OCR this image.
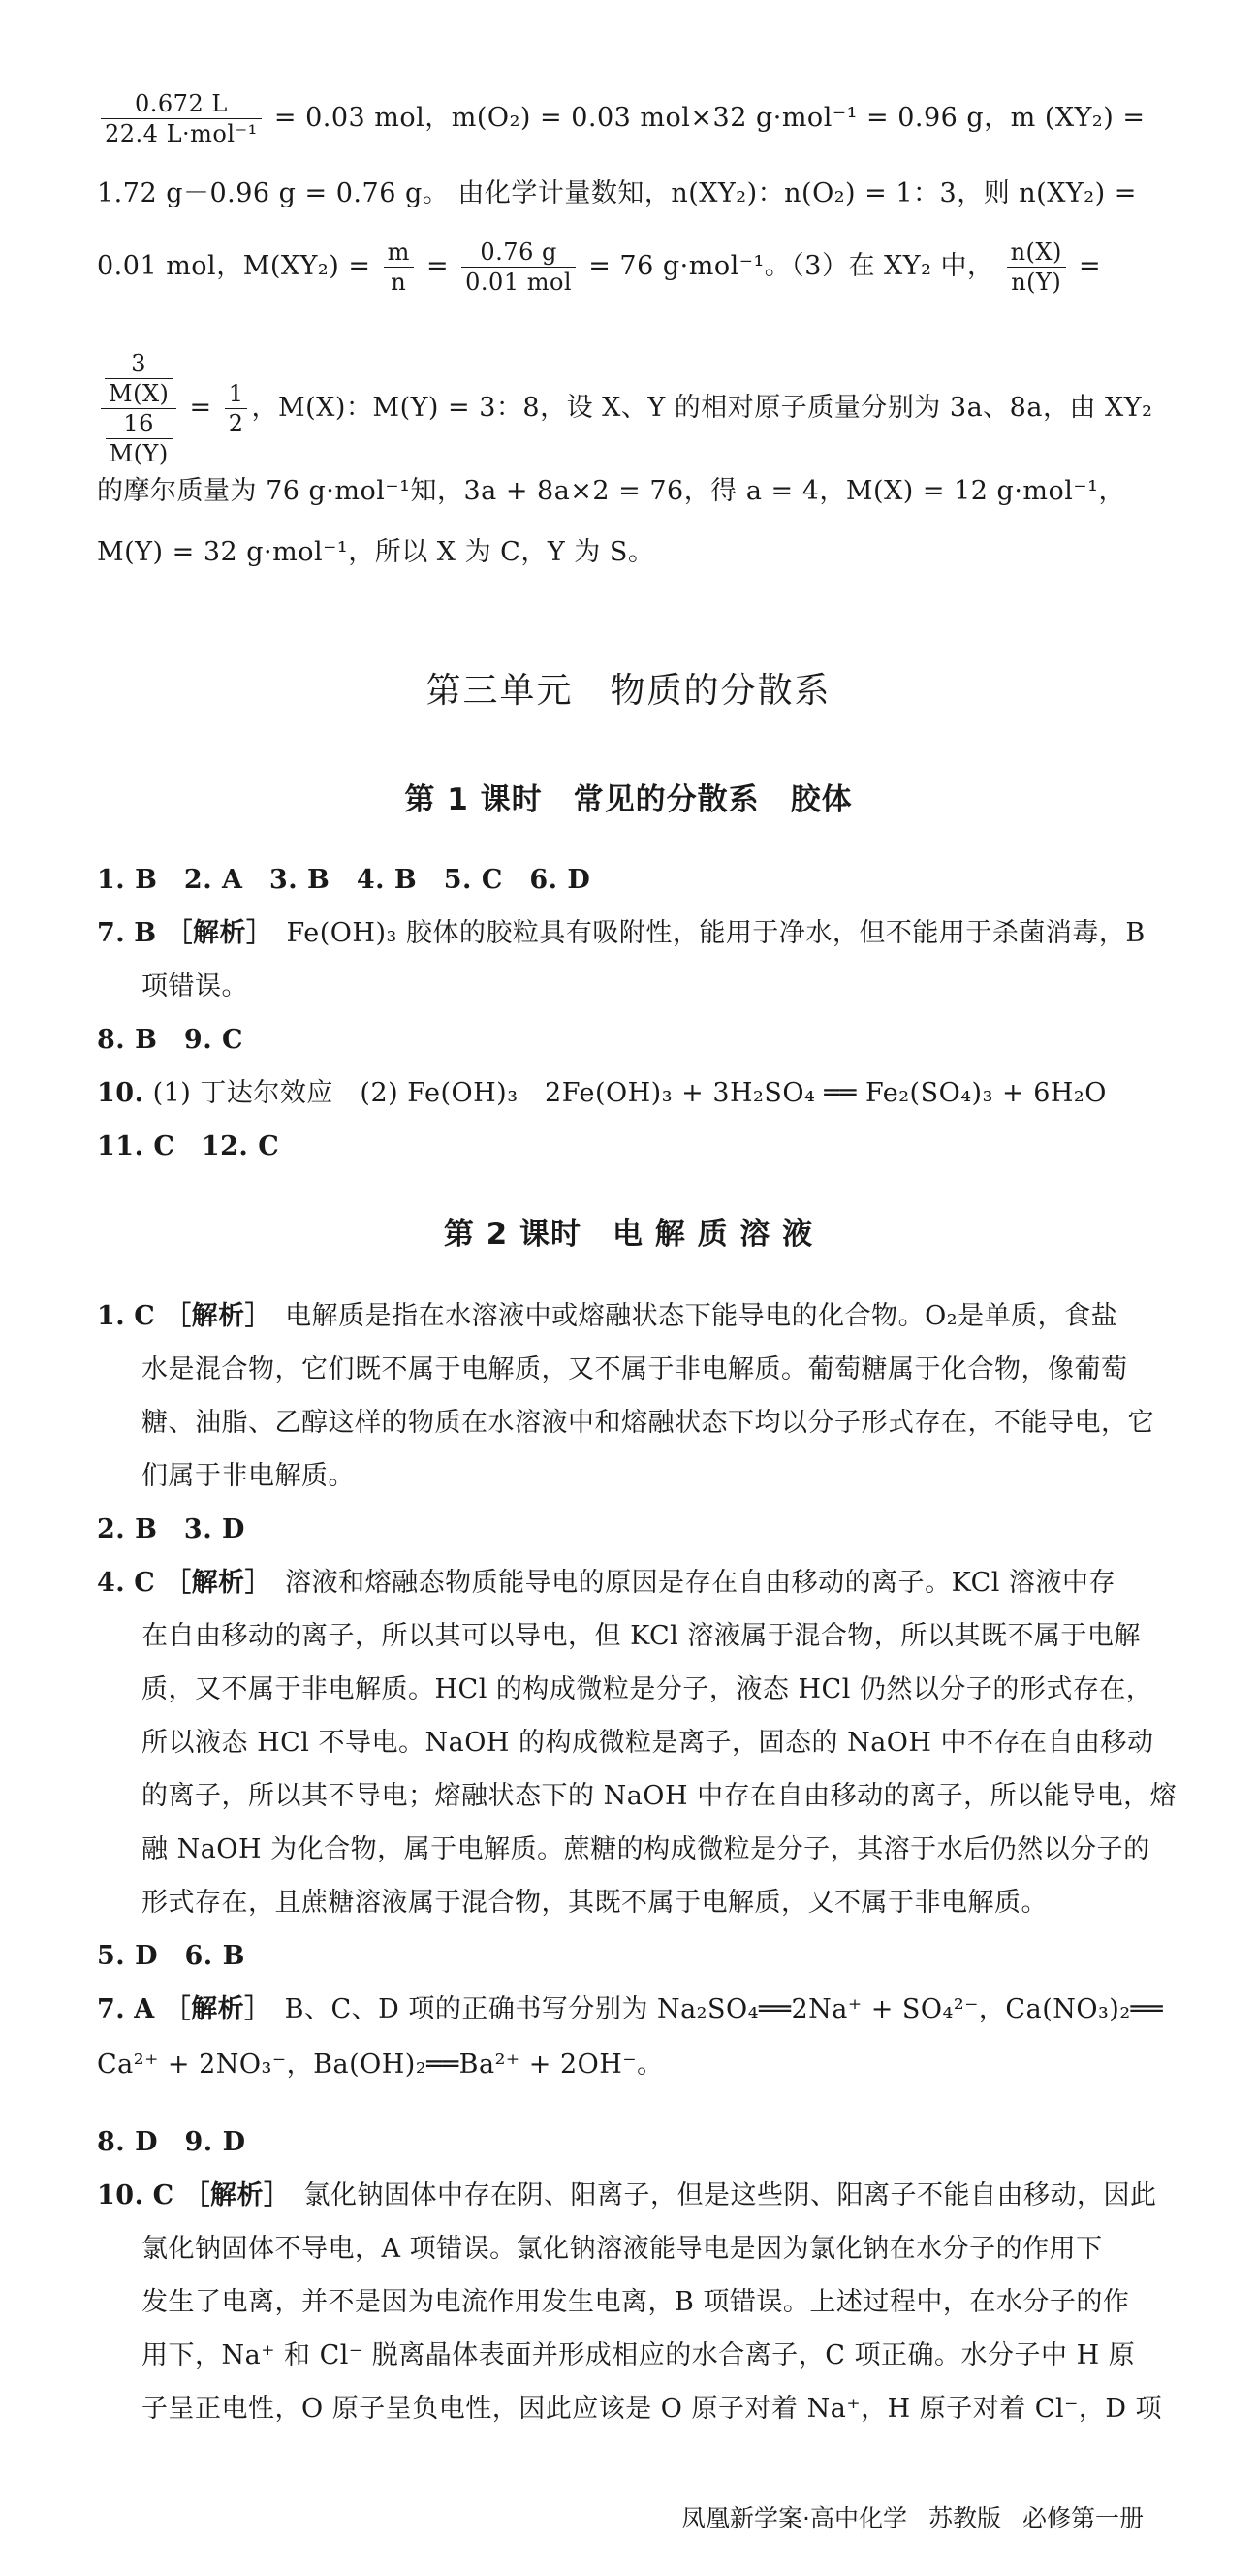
$\frac{0.672 L}{\text{22.4 L·mol⁻¹}} = 0.03$ mol，m(O₂) = 0.03 mol×32 g·mol⁻¹ = 0.96 g，m (XY₂) =
1.72 g－0.96 g = 0.76 g。 由化学计量数知，n(XY₂)：n(O₂) = 1：3，则 n(XY₂) =
0.01 mol，$M(XY_2) = \frac{m}{n} = \frac{0.76 g}{\text{0.01 mol}} = 76$ g·mol⁻¹。（3）在 XY₂ 中， $\frac{n(X)}{n(Y)}$ =
$\frac{\frac{3}{M(X)}}{\frac{16}{M(Y)}} = \frac{1}{2}$ ，M(X)：M(Y) = 3：8，设 X、Y 的相对原子质量分别为 3a、8a，由 XY₂
的摩尔质量为 76 g·mol⁻¹知，3a + 8a×2 = 76，得 a = 4，M(X) = 12 g·mol⁻¹，
M(Y) = 32 g·mol⁻¹，所以 X 为 C，Y 为 S。
第三单元　物质的分散系
第 1 课时　常见的分散系　胶体
1. B　2. A　3. B　4. B　5. C　6. D
7. B ［解析］　 Fe(OH)₃ 胶体的胶粒具有吸附性，能用于净水，但不能用于杀菌消毒，B
项错误。
8. B　9. C
10. (1) 丁达尔效应　(2) Fe(OH)₃　2Fe(OH)₃ + 3H₂SO₄ ══ Fe₂(SO₄)₃ + 6H₂O
11. C　12. C
第 2 课时　电 解 质 溶 液
1. C ［解析］　 电解质是指在水溶液中或熔融状态下能导电的化合物。O₂是单质，食盐
水是混合物，它们既不属于电解质，又不属于非电解质。葡萄糖属于化合物，像葡萄
糖、油脂、乙醇这样的物质在水溶液中和熔融状态下均以分子形式存在，不能导电，它
们属于非电解质。
2. B　3. D
4. C ［解析］　 溶液和熔融态物质能导电的原因是存在自由移动的离子。KCl 溶液中存
在自由移动的离子，所以其可以导电，但 KCl 溶液属于混合物，所以其既不属于电解
质，又不属于非电解质。HCl 的构成微粒是分子，液态 HCl 仍然以分子的形式存在，
所以液态 HCl 不导电。NaOH 的构成微粒是离子，固态的 NaOH 中不存在自由移动
的离子，所以其不导电；熔融状态下的 NaOH 中存在自由移动的离子，所以能导电，熔
融 NaOH 为化合物，属于电解质。蔗糖的构成微粒是分子，其溶于水后仍然以分子的
形式存在，且蔗糖溶液属于混合物，其既不属于电解质，又不属于非电解质。
5. D　6. B
7. A ［解析］　 B、C、D 项的正确书写分别为 Na₂SO₄══2Na⁺ + SO₄²⁻，Ca(NO₃)₂══
Ca²⁺ + 2NO₃⁻，Ba(OH)₂══Ba²⁺ + 2OH⁻。
8. D　9. D
10. C ［解析］　 氯化钠固体中存在阴、阳离子，但是这些阴、阳离子不能自由移动，因此
氯化钠固体不导电，A 项错误。氯化钠溶液能导电是因为氯化钠在水分子的作用下
发生了电离，并不是因为电流作用发生电离，B 项错误。上述过程中，在水分子的作
用下，Na⁺ 和 Cl⁻ 脱离晶体表面并形成相应的水合离子，C 项正确。水分子中 H 原
子呈正电性，O 原子呈负电性，因此应该是 O 原子对着 Na⁺，H 原子对着 Cl⁻，D 项
凤凰新学案·高中化学 苏教版 必修第一册
